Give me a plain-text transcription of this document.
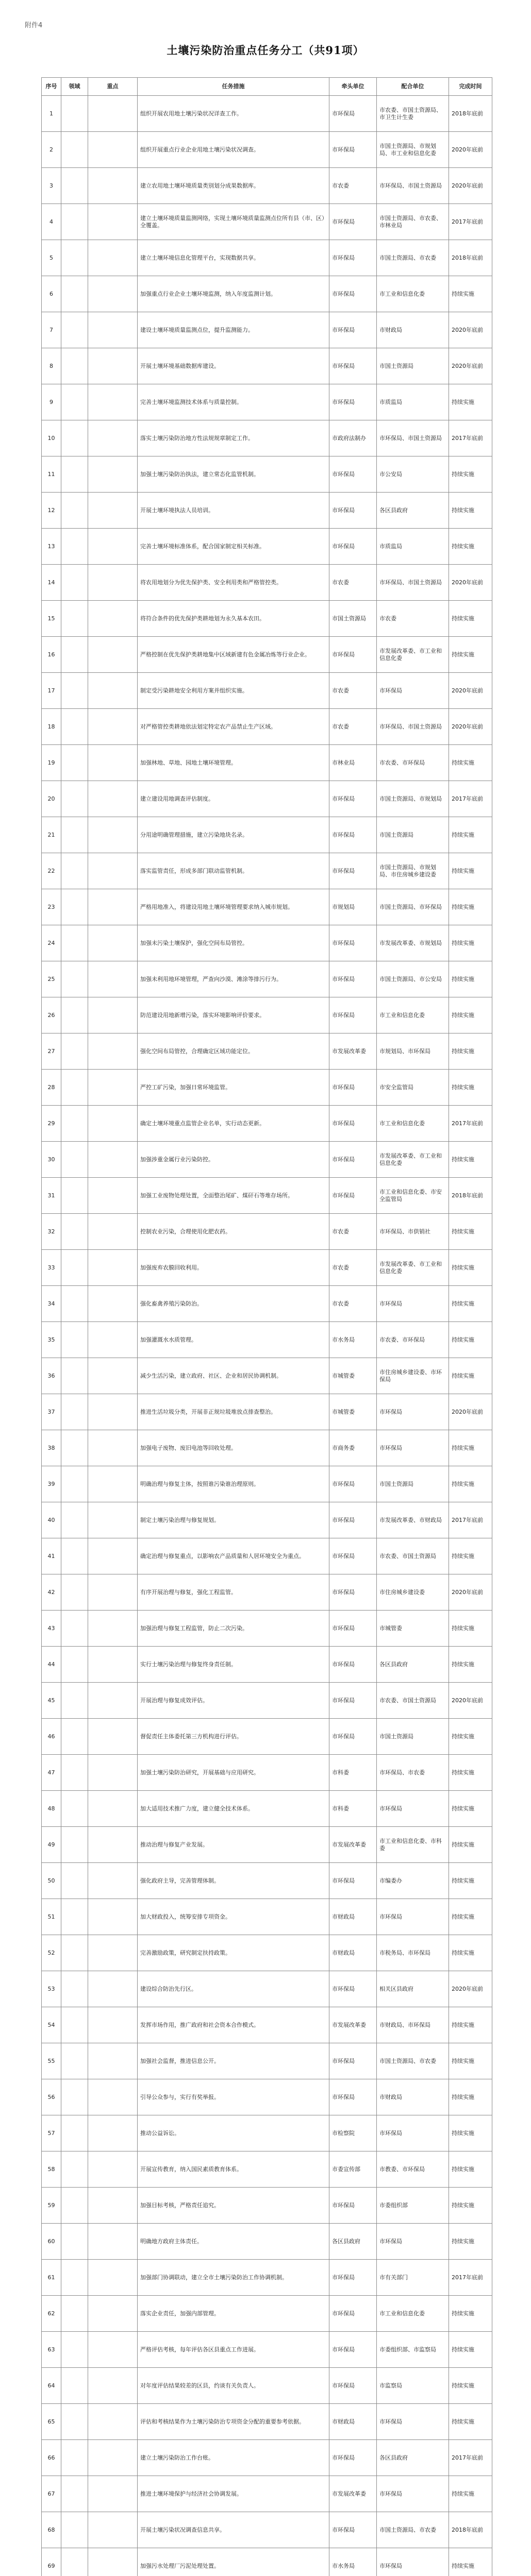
附件4
土壤污染防治重点任务分工（共91项）
序号	领域	重点	任务措施	牵头单位	配合单位	完成时间
1			组织开展农用地土壤污染状况详查工作。	市环保局	市农委、市国土资源局、市卫生计生委	2018年底前
2			组织开展重点行业企业用地土壤污染状况调查。	市环保局	市国土资源局、市规划局、市工业和信息化委	2020年底前
3			建立农用地土壤环境质量类别划分成果数据库。	市农委	市环保局、市国土资源局	2020年底前
4			建立土壤环境质量监测网络，实现土壤环境质量监测点位所有县（市、区）全覆盖。	市环保局	市国土资源局、市农委、市林业局	2017年底前
5			建立土壤环境信息化管理平台，实现数据共享。	市环保局	市国土资源局、市农委	2018年底前
6			加强重点行业企业土壤环境监测，纳入年度监测计划。	市环保局	市工业和信息化委	持续实施
7			建设土壤环境质量监测点位，提升监测能力。	市环保局	市财政局	2020年底前
8			开展土壤环境基础数据库建设。	市环保局	市国土资源局	2020年底前
9			完善土壤环境监测技术体系与质量控制。	市环保局	市质监局	持续实施
10			落实土壤污染防治地方性法规规章制定工作。	市政府法制办	市环保局、市国土资源局	2017年底前
11			加强土壤污染防治执法，建立常态化监管机制。	市环保局	市公安局	持续实施
12			开展土壤环境执法人员培训。	市环保局	各区县政府	持续实施
13			完善土壤环境标准体系，配合国家制定相关标准。	市环保局	市质监局	持续实施
14			将农用地划分为优先保护类、安全利用类和严格管控类。	市农委	市环保局、市国土资源局	2020年底前
15			将符合条件的优先保护类耕地划为永久基本农田。	市国土资源局	市农委	持续实施
16			严格控制在优先保护类耕地集中区域新建有色金属冶炼等行业企业。	市环保局	市发展改革委、市工业和信息化委	持续实施
17			制定受污染耕地安全利用方案并组织实施。	市农委	市环保局	2020年底前
18			对严格管控类耕地依法划定特定农产品禁止生产区域。	市农委	市环保局、市国土资源局	2020年底前
19			加强林地、草地、园地土壤环境管理。	市林业局	市农委、市环保局	持续实施
20			建立建设用地调查评估制度。	市环保局	市国土资源局、市规划局	2017年底前
21			分用途明确管理措施，建立污染地块名录。	市环保局	市国土资源局	持续实施
22			落实监管责任，形成多部门联动监管机制。	市环保局	市国土资源局、市规划局、市住房城乡建设委	持续实施
23			严格用地准入，将建设用地土壤环境管理要求纳入城市规划。	市规划局	市国土资源局、市环保局	持续实施
24			加强未污染土壤保护，强化空间布局管控。	市环保局	市发展改革委、市规划局	持续实施
25			加强未利用地环境管理，严查向沙漠、滩涂等排污行为。	市环保局	市国土资源局、市公安局	持续实施
26			防范建设用地新增污染，落实环境影响评价要求。	市环保局	市工业和信息化委	持续实施
27			强化空间布局管控，合理确定区域功能定位。	市发展改革委	市规划局、市环保局	持续实施
28			严控工矿污染，加强日常环境监管。	市环保局	市安全监管局	持续实施
29			确定土壤环境重点监管企业名单，实行动态更新。	市环保局	市工业和信息化委	2017年底前
30			加强涉重金属行业污染防控。	市环保局	市发展改革委、市工业和信息化委	持续实施
31			加强工业废物处理处置，全面整治尾矿、煤矸石等堆存场所。	市环保局	市工业和信息化委、市安全监管局	2018年底前
32			控制农业污染，合理使用化肥农药。	市农委	市环保局、市供销社	持续实施
33			加强废弃农膜回收利用。	市农委	市发展改革委、市工业和信息化委	持续实施
34			强化畜禽养殖污染防治。	市农委	市环保局	持续实施
35			加强灌溉水水质管理。	市水务局	市农委、市环保局	持续实施
36			减少生活污染，建立政府、社区、企业和居民协调机制。	市城管委	市住房城乡建设委、市环保局	持续实施
37			推进生活垃圾分类，开展非正规垃圾堆放点排查整治。	市城管委	市环保局	2020年底前
38			加强电子废物、废旧电池等回收处理。	市商务委	市环保局	持续实施
39			明确治理与修复主体，按照谁污染谁治理原则。	市环保局	市国土资源局	持续实施
40			制定土壤污染治理与修复规划。	市环保局	市发展改革委、市财政局	2017年底前
41			确定治理与修复重点，以影响农产品质量和人居环境安全为重点。	市环保局	市农委、市国土资源局	持续实施
42			有序开展治理与修复，强化工程监管。	市环保局	市住房城乡建设委	2020年底前
43			加强治理与修复工程监管，防止二次污染。	市环保局	市城管委	持续实施
44			实行土壤污染治理与修复终身责任制。	市环保局	各区县政府	持续实施
45			开展治理与修复成效评估。	市环保局	市农委、市国土资源局	2020年底前
46			督促责任主体委托第三方机构进行评估。	市环保局	市国土资源局	持续实施
47			加强土壤污染防治研究，开展基础与应用研究。	市科委	市环保局、市农委	持续实施
48			加大适用技术推广力度，建立健全技术体系。	市科委	市环保局	持续实施
49			推动治理与修复产业发展。	市发展改革委	市工业和信息化委、市科委	持续实施
50			强化政府主导，完善管理体制。	市环保局	市编委办	持续实施
51			加大财政投入，统筹安排专项资金。	市财政局	市环保局	持续实施
52			完善激励政策，研究制定扶持政策。	市财政局	市税务局、市环保局	持续实施
53			建设综合防治先行区。	市环保局	相关区县政府	2020年底前
54			发挥市场作用，推广政府和社会资本合作模式。	市发展改革委	市财政局、市环保局	持续实施
55			加强社会监督，推进信息公开。	市环保局	市国土资源局、市农委	持续实施
56			引导公众参与，实行有奖举报。	市环保局	市财政局	持续实施
57			推动公益诉讼。	市检察院	市环保局	持续实施
58			开展宣传教育，纳入国民素质教育体系。	市委宣传部	市教委、市环保局	持续实施
59			加强目标考核，严格责任追究。	市环保局	市委组织部	持续实施
60			明确地方政府主体责任。	各区县政府	市环保局	持续实施
61			加强部门协调联动，建立全市土壤污染防治工作协调机制。	市环保局	市有关部门	2017年底前
62			落实企业责任，加强内部管理。	市环保局	市工业和信息化委	持续实施
63			严格评估考核，每年评估各区县重点工作进展。	市环保局	市委组织部、市监察局	持续实施
64			对年度评估结果较差的区县，约谈有关负责人。	市环保局	市监察局	持续实施
65			评估和考核结果作为土壤污染防治专项资金分配的重要参考依据。	市财政局	市环保局	持续实施
66			建立土壤污染防治工作台账。	市环保局	各区县政府	2017年底前
67			推进土壤环境保护与经济社会协调发展。	市发展改革委	市环保局	持续实施
68			开展土壤污染状况调查信息共享。	市环保局	市国土资源局、市农委	2018年底前
69			加强污水处理厂污泥处理处置。	市水务局	市环保局	持续实施
